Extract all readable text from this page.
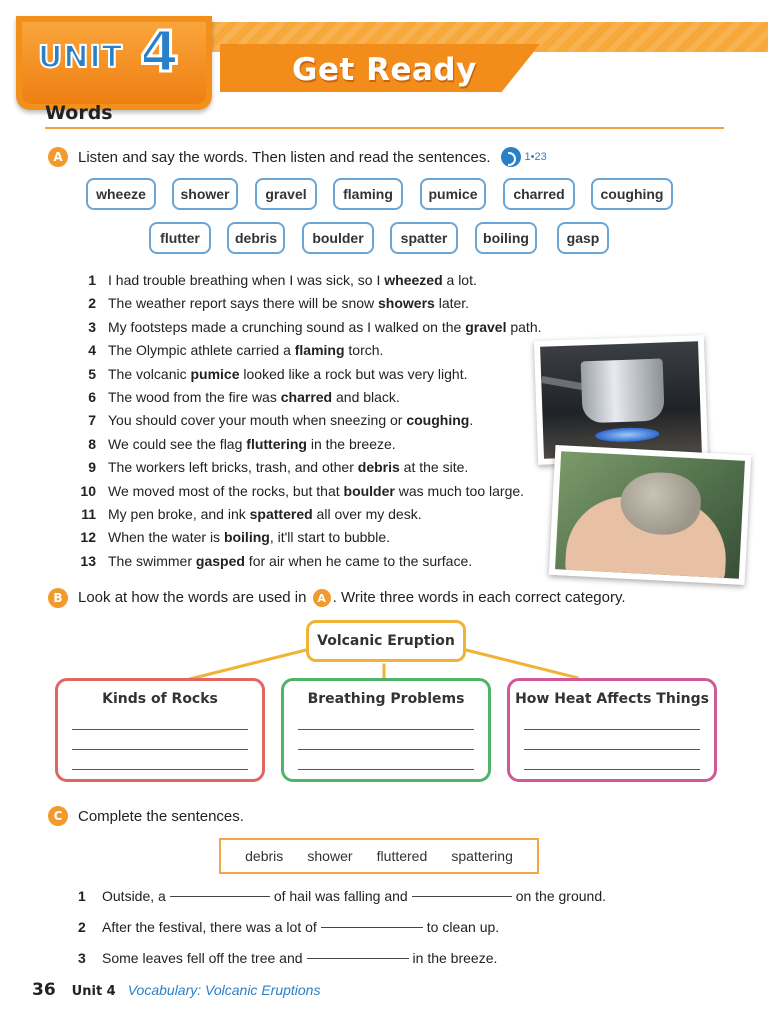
Get Ready
UNIT 4
Words
A	Listen and say the words. Then listen and read the sentences.	1•23
wheeze	shower	gravel	flaming	pumice	charred	coughing
flutter	debris	boulder	spatter	boiling	gasp
1 I had trouble breathing when I was sick, so I wheezed a lot.
2 The weather report says there will be snow showers later.
3 My footsteps made a crunching sound as I walked on the gravel path.
4 The Olympic athlete carried a flaming torch.
5 The volcanic pumice looked like a rock but was very light.
6 The wood from the fire was charred and black.
7 You should cover your mouth when sneezing or coughing.
8 We could see the flag fluttering in the breeze.
9 The workers left bricks, trash, and other debris at the site.
10 We moved most of the rocks, but that boulder was much too large.
11 My pen broke, and ink spattered all over my desk.
12 When the water is boiling, it'll start to bubble.
13 The swimmer gasped for air when he came to the surface.
B	Look at how the words are used in A . Write three words in each correct category.
Volcanic Eruption
Kinds of Rocks	Breathing Problems	How Heat Affects Things
C	Complete the sentences.
debris shower fluttered spattering
1	Outside, a	of hail was falling and	on the ground.
2	After the festival, there was a lot of	to clean up.
3	Some leaves fell off the tree and	in the breeze.
36 Unit 4 Vocabulary: Volcanic Eruptions
